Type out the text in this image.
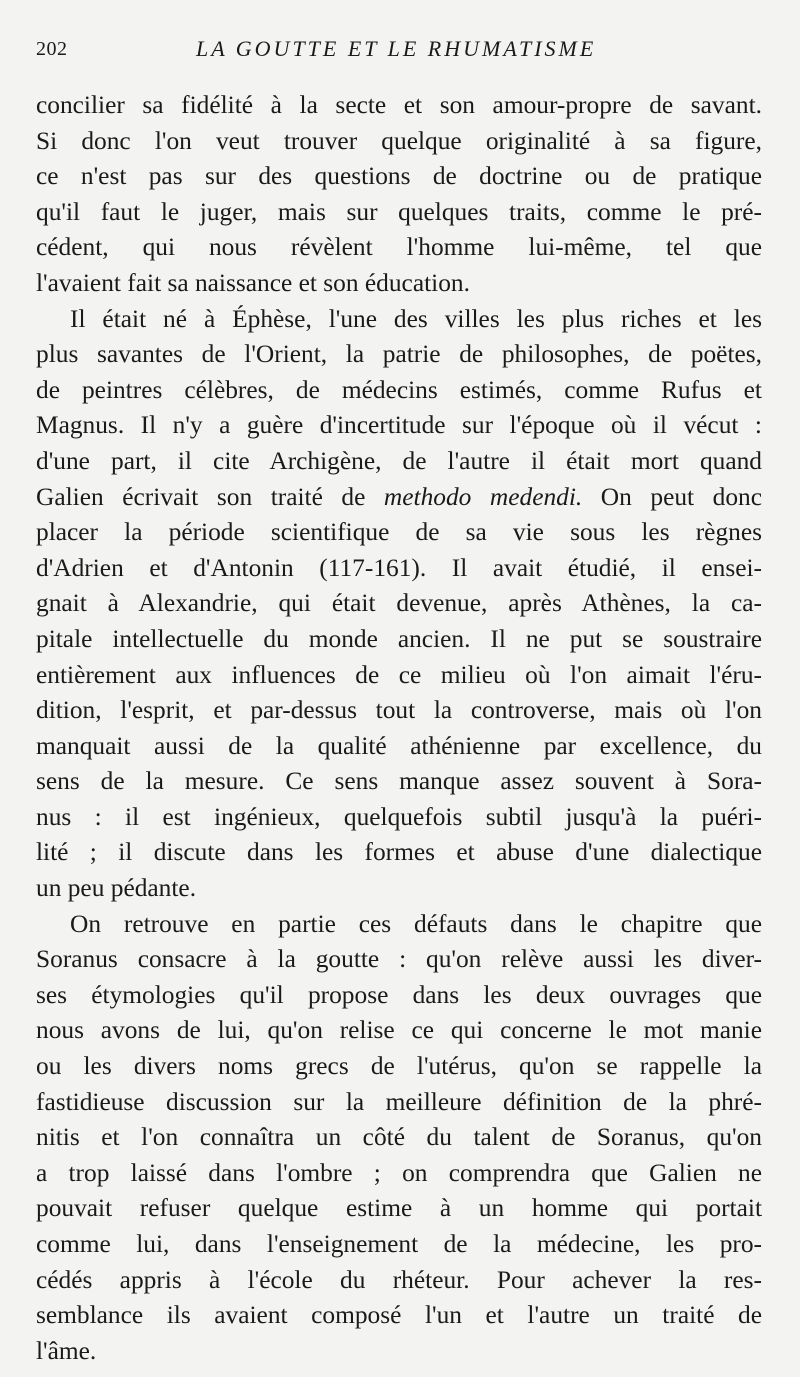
202	LA GOUTTE ET LE RHUMATISME

concilier sa fidélité à la secte et son amour-propre de savant.
Si donc l'on veut trouver quelque originalité à sa figure,
ce n'est pas sur des questions de doctrine ou de pratique
qu'il faut le juger, mais sur quelques traits, comme le pré-
cédent, qui nous révèlent l'homme lui-même, tel que
l'avaient fait sa naissance et son éducation.

Il était né à Éphèse, l'une des villes les plus riches et les
plus savantes de l'Orient, la patrie de philosophes, de poëtes,
de peintres célèbres, de médecins estimés, comme Rufus et
Magnus. Il n'y a guère d'incertitude sur l'époque où il vécut :
d'une part, il cite Archigène, de l'autre il était mort quand
Galien écrivait son traité de methodo medendi. On peut donc
placer la période scientifique de sa vie sous les règnes
d'Adrien et d'Antonin (117-161). Il avait étudié, il ensei-
gnait à Alexandrie, qui était devenue, après Athènes, la ca-
pitale intellectuelle du monde ancien. Il ne put se soustraire
entièrement aux influences de ce milieu où l'on aimait l'éru-
dition, l'esprit, et par-dessus tout la controverse, mais où l'on
manquait aussi de la qualité athénienne par excellence, du
sens de la mesure. Ce sens manque assez souvent à Sora-
nus : il est ingénieux, quelquefois subtil jusqu'à la puéri-
lité ; il discute dans les formes et abuse d'une dialectique
un peu pédante.

On retrouve en partie ces défauts dans le chapitre que
Soranus consacre à la goutte : qu'on relève aussi les diver-
ses étymologies qu'il propose dans les deux ouvrages que
nous avons de lui, qu'on relise ce qui concerne le mot manie
ou les divers noms grecs de l'utérus, qu'on se rappelle la
fastidieuse discussion sur la meilleure définition de la phré-
nitis et l'on connaîtra un côté du talent de Soranus, qu'on
a trop laissé dans l'ombre ; on comprendra que Galien ne
pouvait refuser quelque estime à un homme qui portait
comme lui, dans l'enseignement de la médecine, les pro-
cédés appris à l'école du rhéteur. Pour achever la res-
semblance ils avaient composé l'un et l'autre un traité de
l'âme.
